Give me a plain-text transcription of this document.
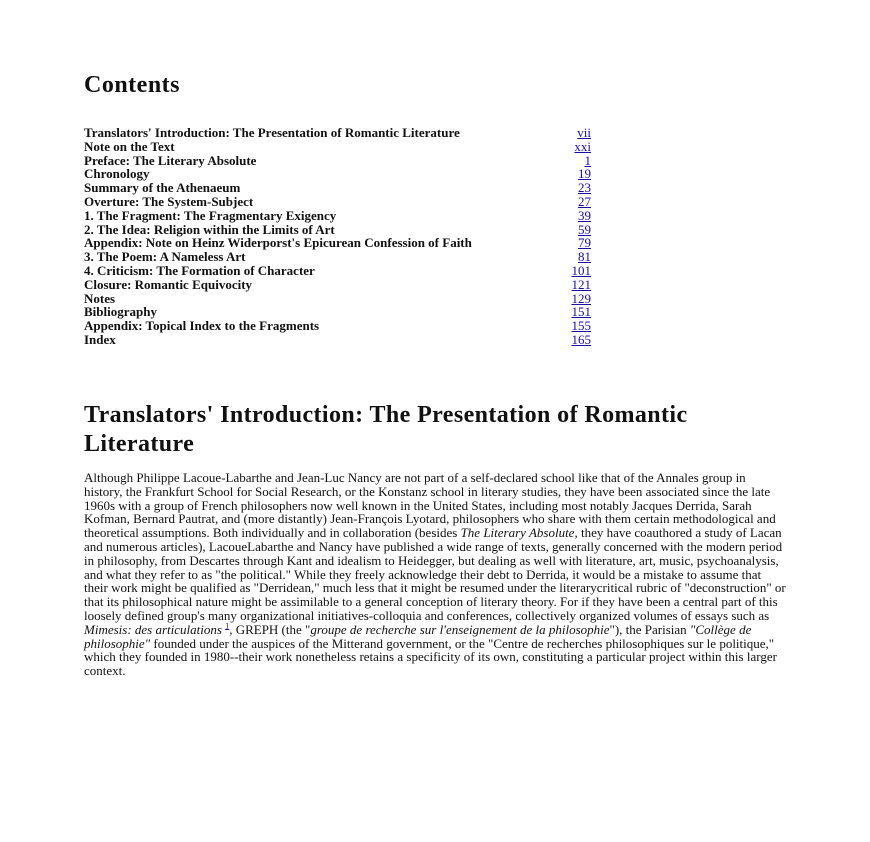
Contents
Translators' Introduction: The Presentation of Romantic Literature	vii
Note on the Text	xxi
Preface: The Literary Absolute	1
Chronology	19
Summary of the Athenaeum	23
Overture: The System-Subject	27
1. The Fragment: The Fragmentary Exigency	39
2. The Idea: Religion within the Limits of Art	59
Appendix: Note on Heinz Widerporst's Epicurean Confession of Faith	79
3. The Poem: A Nameless Art	81
4. Criticism: The Formation of Character	101
Closure: Romantic Equivocity	121
Notes	129
Bibliography	151
Appendix: Topical Index to the Fragments	155
Index	165
Translators' Introduction: The Presentation of Romantic Literature

Although Philippe Lacoue-Labarthe and Jean-Luc Nancy are not part of a self-declared school like that of the Annales group in history, the Frankfurt School for Social Research, or the Konstanz school in literary studies, they have been associated since the late 1960s with a group of French philosophers now well known in the United States, including most notably Jacques Derrida, Sarah Kofman, Bernard Pautrat, and (more distantly) Jean-François Lyotard, philosophers who share with them certain methodological and theoretical assumptions. Both individually and in collaboration (besides The Literary Absolute, they have coauthored a study of Lacan and numerous articles), LacoueLabarthe and Nancy have published a wide range of texts, generally concerned with the modern period in philosophy, from Descartes through Kant and idealism to Heidegger, but dealing as well with literature, art, music, psychoanalysis, and what they refer to as "the political." While they freely acknowledge their debt to Derrida, it would be a mistake to assume that their work might be qualified as "Derridean," much less that it might be resumed under the literarycritical rubric of "deconstruction" or that its philosophical nature might be assimilable to a general conception of literary theory. For if they have been a central part of this loosely defined group's many organizational initiatives-colloquia and conferences, collectively organized volumes of essays such as Mimesis: des articulations $^1$, GREPH (the "groupe de recherche sur l'enseignement de la philosophie"), the Parisian "Collège de philosophie" founded under the auspices of the Mitterand government, or the "Centre de recherches philosophiques sur le politique," which they founded in 1980--their work nonetheless retains a specificity of its own, constituting a particular project within this larger context.
